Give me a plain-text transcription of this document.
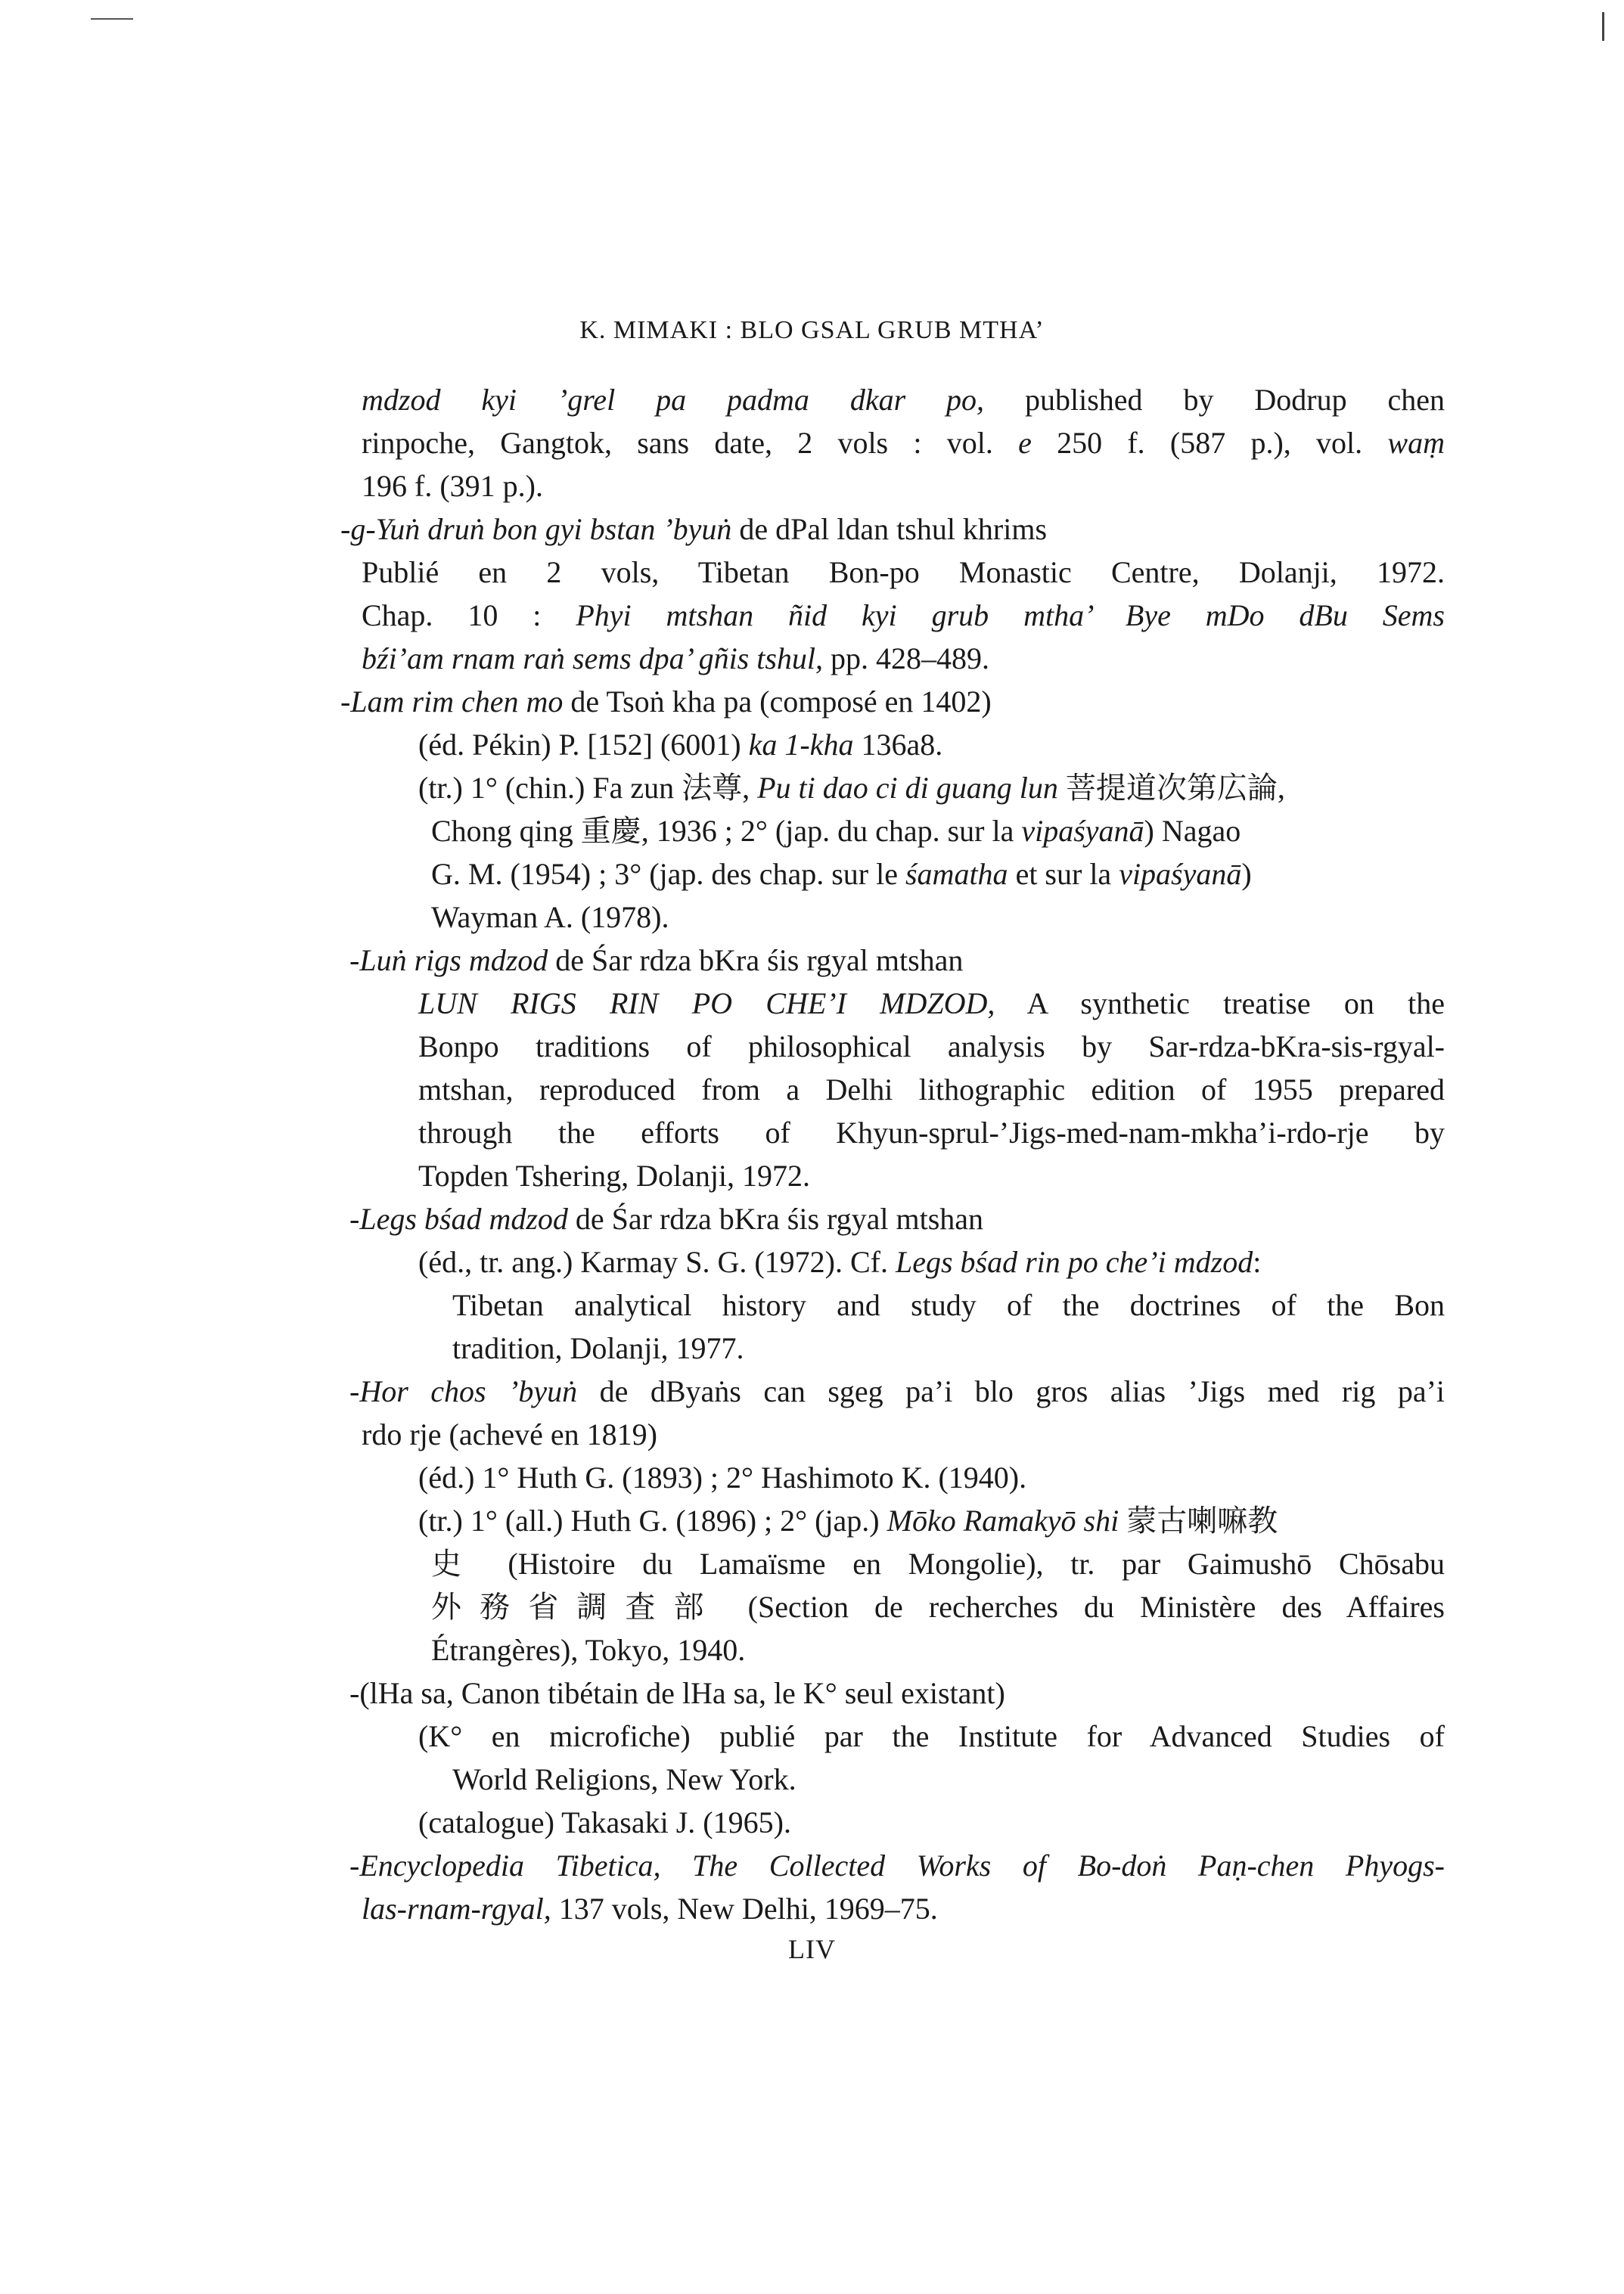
K. MIMAKI : BLO GSAL GRUB MTHA’
mdzod kyi ’grel pa padma dkar po, published by Dodrup chen
rinpoche, Gangtok, sans date, 2 vols : vol. e 250 f. (587 p.), vol. waṃ
196 f. (391 p.).
-g-Yuṅ druṅ bon gyi bstan ’byuṅ de dPal ldan tshul khrims
Publié en 2 vols, Tibetan Bon-po Monastic Centre, Dolanji, 1972.
Chap. 10 : Phyi mtshan ñid kyi grub mtha’ Bye mDo dBu Sems
bźi’am rnam raṅ sems dpa’ gñis tshul, pp. 428–489.
-Lam rim chen mo de Tsoṅ kha pa (composé en 1402)
(éd. Pékin) P. [152] (6001) ka 1-kha 136a8.
(tr.) 1° (chin.) Fa zun 法尊, Pu ti dao ci di guang lun 菩提道次第広論,
Chong qing 重慶, 1936 ; 2° (jap. du chap. sur la vipaśyanā) Nagao
G. M. (1954) ; 3° (jap. des chap. sur le śamatha et sur la vipaśyanā)
Wayman A. (1978).
-Luṅ rigs mdzod de Śar rdza bKra śis rgyal mtshan
LUN RIGS RIN PO CHE’I MDZOD, A synthetic treatise on the
Bonpo traditions of philosophical analysis by Sar-rdza-bKra-sis-rgyal-
mtshan, reproduced from a Delhi lithographic edition of 1955 prepared
through the efforts of Khyun-sprul-’Jigs-med-nam-mkha’i-rdo-rje by
Topden Tshering, Dolanji, 1972.
-Legs bśad mdzod de Śar rdza bKra śis rgyal mtshan
(éd., tr. ang.) Karmay S. G. (1972). Cf. Legs bśad rin po che’i mdzod:
Tibetan analytical history and study of the doctrines of the Bon
tradition, Dolanji, 1977.
-Hor chos ’byuṅ de dByaṅs can sgeg pa’i blo gros alias ’Jigs med rig pa’i
rdo rje (achevé en 1819)
(éd.) 1° Huth G. (1893) ; 2° Hashimoto K. (1940).
(tr.) 1° (all.) Huth G. (1896) ; 2° (jap.) Mōko Ramakyō shi 蒙古喇嘛教
史 (Histoire du Lamaïsme en Mongolie), tr. par Gaimushō Chōsabu
外務省調査部 (Section de recherches du Ministère des Affaires
Étrangères), Tokyo, 1940.
-(lHa sa, Canon tibétain de lHa sa, le K° seul existant)
(K° en microfiche) publié par the Institute for Advanced Studies of
World Religions, New York.
(catalogue) Takasaki J. (1965).
-Encyclopedia Tibetica, The Collected Works of Bo-doṅ Paṇ-chen Phyogs-
las-rnam-rgyal, 137 vols, New Delhi, 1969–75.
LIV
